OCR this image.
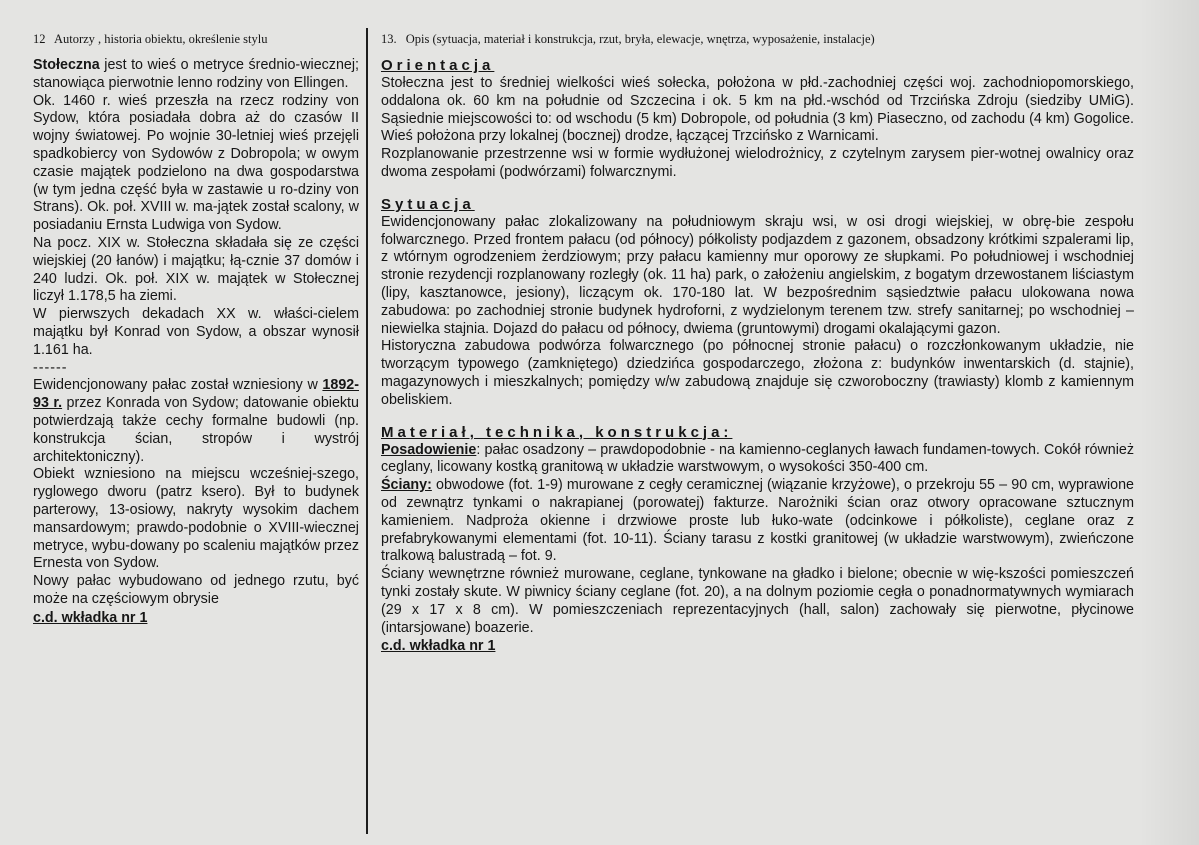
12 Autorzy , historia obiektu, określenie stylu

Stołeczna jest to wieś o metryce średnio-wiecznej; stanowiąca pierwotnie lenno rodziny von Ellingen.

Ok. 1460 r. wieś przeszła na rzecz rodziny von Sydow, która posiadała dobra aż do czasów II wojny światowej. Po wojnie 30-letniej wieś przejęli spadkobiercy von Sydowów z Dobropola; w owym czasie majątek podzielono na dwa gospodarstwa (w tym jedna część była w zastawie u ro-dziny von Strans). Ok. poł. XVIII w. ma-jątek został scalony, w posiadaniu Ernsta Ludwiga von Sydow.

Na pocz. XIX w. Stołeczna składała się ze części wiejskiej (20 łanów) i majątku; łą-cznie 37 domów i 240 ludzi. Ok. poł. XIX w. majątek w Stołecznej liczył 1.178,5 ha ziemi.

W pierwszych dekadach XX w. właści-cielem majątku był Konrad von Sydow, a obszar wynosił 1.161 ha.

------

Ewidencjonowany pałac został wzniesiony w 1892-93 r. przez Konrada von Sydow; datowanie obiektu potwierdzają także cechy formalne budowli (np. konstrukcja ścian, stropów i wystrój architektoniczny).

Obiekt wzniesiono na miejscu wcześniej-szego, ryglowego dworu (patrz ksero). Był to budynek parterowy, 13-osiowy, nakryty wysokim dachem mansardowym; prawdo-podobnie o XVIII-wiecznej metryce, wybu-dowany po scaleniu majątków przez Ernesta von Sydow.

Nowy pałac wybudowano od jednego rzutu, być może na częściowym obrysie

c.d. wkładka nr 1
13. Opis (sytuacja, materiał i konstrukcja, rzut, bryła, elewacje, wnętrza, wyposażenie, instalacje)
Orientacja

Stołeczna jest to średniej wielkości wieś sołecka, położona w płd.-zachodniej części woj. zachodniopomorskiego, oddalona ok. 60 km na południe od Szczecina i ok. 5 km na płd.-wschód od Trzcińska Zdroju (siedziby UMiG). Sąsiednie miejscowości to: od wschodu (5 km) Dobropole, od południa (3 km) Piaseczno, od zachodu (4 km) Gogolice. Wieś położona przy lokalnej (bocznej) drodze, łączącej Trzcińsko z Warnicami.

Rozplanowanie przestrzenne wsi w formie wydłużonej wielodrożnicy, z czytelnym zarysem pier-wotnej owalnicy oraz dwoma zespołami (podwórzami) folwarcznymi.

Sytuacja

Ewidencjonowany pałac zlokalizowany na południowym skraju wsi, w osi drogi wiejskiej, w obrę-bie zespołu folwarcznego. Przed frontem pałacu (od północy) półkolisty podjazdem z gazonem, obsadzony krótkimi szpalerami lip, z wtórnym ogrodzeniem żerdziowym; przy pałacu kamienny mur oporowy ze słupkami. Po południowej i wschodniej stronie rezydencji rozplanowany rozległy (ok. 11 ha) park, o założeniu angielskim, z bogatym drzewostanem liściastym (lipy, kasztanowce, jesiony), liczącym ok. 170-180 lat. W bezpośrednim sąsiedztwie pałacu ulokowana nowa zabudowa: po zachodniej stronie budynek hydroforni, z wydzielonym terenem tzw. strefy sanitarnej; po wschodniej – niewielka stajnia. Dojazd do pałacu od północy, dwiema (gruntowymi) drogami okalającymi gazon.

Historyczna zabudowa podwórza folwarcznego (po północnej stronie pałacu) o rozczłonkowanym układzie, nie tworzącym typowego (zamkniętego) dziedzińca gospodarczego, złożona z: budynków inwentarskich (d. stajnie), magazynowych i mieszkalnych; pomiędzy w/w zabudową znajduje się czworoboczny (trawiasty) klomb z kamiennym obeliskiem.

Materiał, technika, konstrukcja:

Posadowienie: pałac osadzony – prawdopodobnie - na kamienno-ceglanych ławach fundamen-towych. Cokół również ceglany, licowany kostką granitową w układzie warstwowym, o wysokości 350-400 cm.

Ściany: obwodowe (fot. 1-9) murowane z cegły ceramicznej (wiązanie krzyżowe), o przekroju 55 – 90 cm, wyprawione od zewnątrz tynkami o nakrapianej (porowatej) fakturze. Narożniki ścian oraz otwory opracowane sztucznym kamieniem. Nadproża okienne i drzwiowe proste lub łuko-wate (odcinkowe i półkoliste), ceglane oraz z prefabrykowanymi elementami (fot. 10-11). Ściany tarasu z kostki granitowej (w układzie warstwowym), zwieńczone tralkową balustradą – fot. 9.

Ściany wewnętrzne również murowane, ceglane, tynkowane na gładko i bielone; obecnie w wię-kszości pomieszczeń tynki zostały skute. W piwnicy ściany ceglane (fot. 20), a na dolnym poziomie cegła o ponadnormatywnych wymiarach (29 x 17 x 8 cm). W pomieszczeniach reprezentacyjnych (hall, salon) zachowały się pierwotne, płycinowe (intarsjowane) boazerie.

c.d. wkładka nr 1
